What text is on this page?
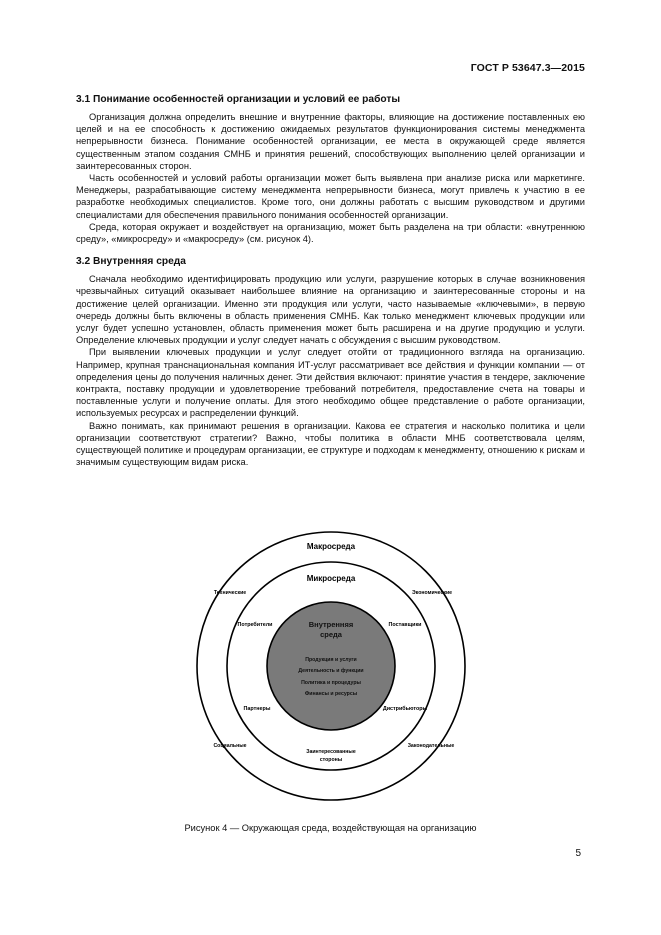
ГОСТ Р 53647.3—2015
3.1 Понимание особенностей организации и условий ее работы

Организация должна определить внешние и внутренние факторы, влияющие на достижение поставленных ею целей и на ее способность к достижению ожидаемых результатов функционирования системы менеджмента непрерывности бизнеса. Понимание особенностей организации, ее места в окружающей среде является существенным этапом создания СМНБ и принятия решений, способствующих выполнению целей организации и заинтересованных сторон.

Часть особенностей и условий работы организации может быть выявлена при анализе риска или маркетинге. Менеджеры, разрабатывающие систему менеджмента непрерывности бизнеса, могут привлечь к участию в ее разработке необходимых специалистов. Кроме того, они должны работать с высшим руководством и другими специалистами для обеспечения правильного понимания особенностей организации.

Среда, которая окружает и воздействует на организацию, может быть разделена на три области: «внутреннюю среду», «микросреду» и «макросреду» (см. рисунок 4).

3.2 Внутренняя среда

Сначала необходимо идентифицировать продукцию или услуги, разрушение которых в случае возникновения чрезвычайных ситуаций оказывает наибольшее влияние на организацию и заинтересованные стороны и на достижение целей организации. Именно эти продукция или услуги, часто называемые «ключевыми», в первую очередь должны быть включены в область применения СМНБ. Как только менеджмент ключевых продукции или услуг будет успешно установлен, область применения может быть расширена и на другие продукцию и услуги. Определение ключевых продукции и услуг следует начать с обсуждения с высшим руководством.

При выявлении ключевых продукции и услуг следует отойти от традиционного взгляда на организацию. Например, крупная транснациональная компания ИТ-услуг рассматривает все действия и функции компании — от определения цены до получения наличных денег. Эти действия включают: принятие участия в тендере, заключение контракта, поставку продукции и удовлетворение требований потребителя, предоставление счета на товары и поставленные услуги и получение оплаты. Для этого необходимо общее представление о работе организации, используемых ресурсах и распределении функций.

Важно понимать, как принимают решения в организации. Какова ее стратегия и насколько политика и цели организации соответствуют стратегии? Важно, чтобы политика в области МНБ соответствовала целям, существующей политике и процедурам организации, ее структуре и подходам к менеджменту, отношению к рискам и значимым существующим видам риска.

Макросреда
Микросреда
Внутренняя
среда
Продукция и услуги
Деятельность и функции
Политика и процедуры
Финансы и ресурсы
Потребители	Поставщики
Партнеры	Дистрибьюторы
Заинтересованные
стороны
Технические	Экономические
Социальные	Законодательные
Рисунок 4 — Окружающая среда, воздействующая на организацию
5
